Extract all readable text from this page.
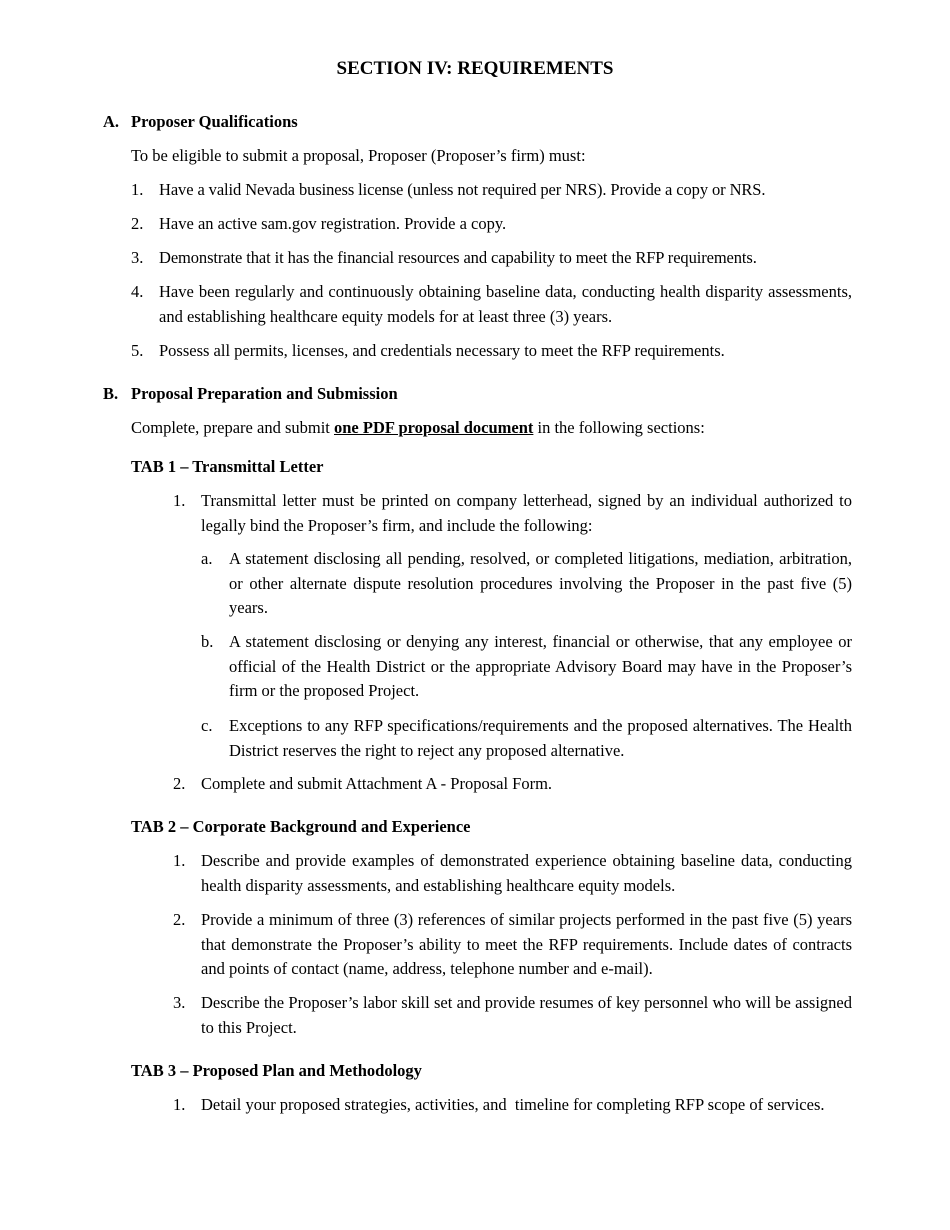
SECTION IV: REQUIREMENTS
A. Proposer Qualifications
To be eligible to submit a proposal, Proposer (Proposer’s firm) must:
1. Have a valid Nevada business license (unless not required per NRS). Provide a copy or NRS.
2. Have an active sam.gov registration. Provide a copy.
3. Demonstrate that it has the financial resources and capability to meet the RFP requirements.
4. Have been regularly and continuously obtaining baseline data, conducting health disparity assessments, and establishing healthcare equity models for at least three (3) years.
5. Possess all permits, licenses, and credentials necessary to meet the RFP requirements.
B. Proposal Preparation and Submission
Complete, prepare and submit one PDF proposal document in the following sections:
TAB 1 – Transmittal Letter
1. Transmittal letter must be printed on company letterhead, signed by an individual authorized to legally bind the Proposer’s firm, and include the following:
a.	A statement disclosing all pending, resolved, or completed litigations, mediation, arbitration, or other alternate dispute resolution procedures involving the Proposer in the past five (5) years.
b. A statement disclosing or denying any interest, financial or otherwise, that any employee or official of the Health District or the appropriate Advisory Board may have in the Proposer’s firm or the proposed Project.
c.	Exceptions to any RFP specifications/requirements and the proposed alternatives. The Health District reserves the right to reject any proposed alternative.
2. Complete and submit Attachment A - Proposal Form.
TAB 2 – Corporate Background and Experience
1. Describe and provide examples of demonstrated experience obtaining baseline data, conducting health disparity assessments, and establishing healthcare equity models.
2. Provide a minimum of three (3) references of similar projects performed in the past five (5) years that demonstrate the Proposer’s ability to meet the RFP requirements. Include dates of contracts and points of contact (name, address, telephone number and e-mail).
3. Describe the Proposer’s labor skill set and provide resumes of key personnel who will be assigned to this Project.
TAB 3 – Proposed Plan and Methodology
1. Detail your proposed strategies, activities, and  timeline for completing RFP scope of services.
